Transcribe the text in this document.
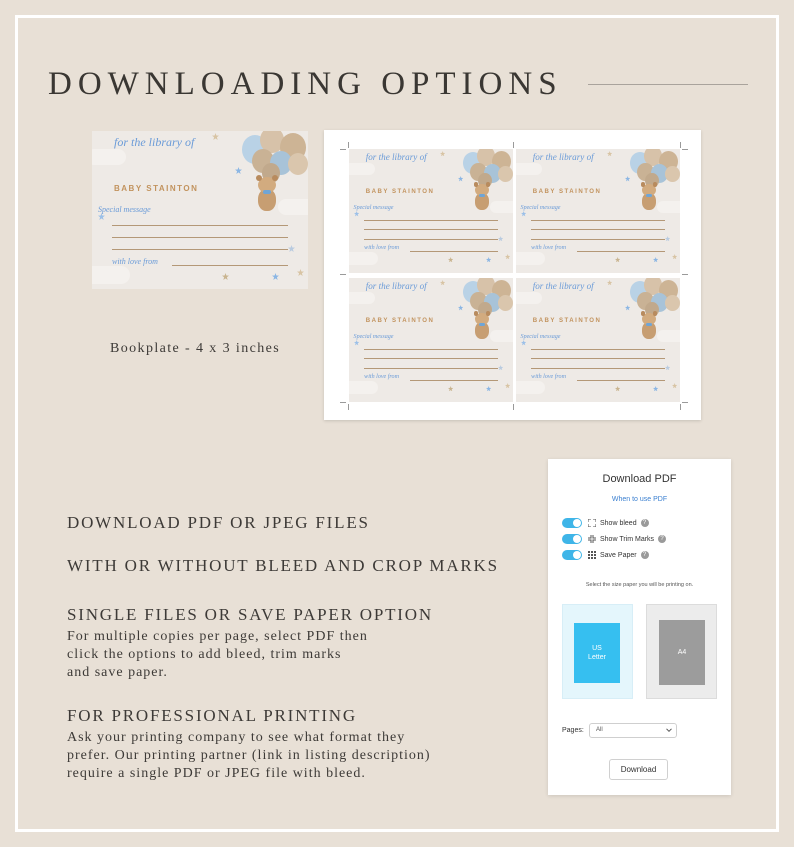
DOWNLOADING OPTIONS
for the library of
BABY STAINTON
Special message
with love from
for the library of
BABY STAINTON
Special message
with love from
for the library of
BABY STAINTON
Special message
with love from
for the library of
BABY STAINTON
Special message
with love from
for the library of
BABY STAINTON
Special message
with love from
Bookplate - 4 x 3 inches
DOWNLOAD PDF OR JPEG FILES
WITH OR WITHOUT BLEED AND CROP MARKS
SINGLE FILES OR SAVE PAPER OPTION
For multiple copies per page, select PDF then
click the options to add bleed, trim marks
and save paper.
FOR PROFESSIONAL PRINTING
Ask your printing company to see what format they
prefer. Our printing partner (link in listing description)
require a single PDF or JPEG file with bleed.
Download PDF
When to use PDF
Show bleed	?
Show Trim Marks	?
Save Paper	?
Select the size paper you will be printing on.
US
Letter
A4
Pages:	All
Download
